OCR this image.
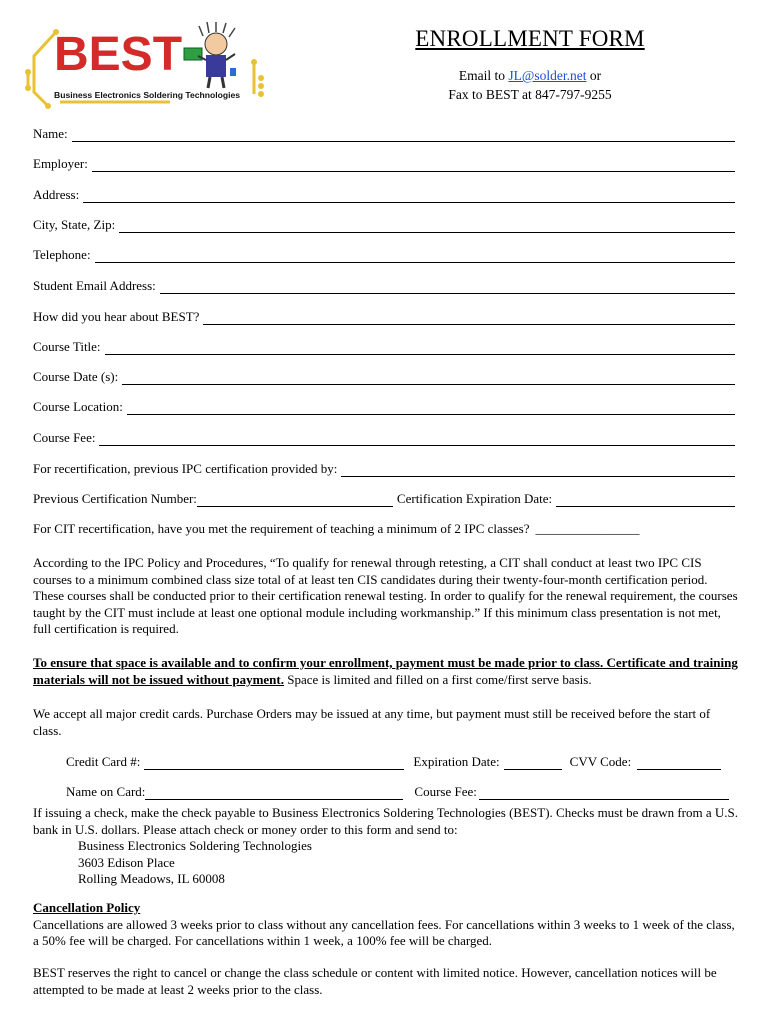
BEST
Business Electronics Soldering Technologies
ENROLLMENT FORM
Email to JL@solder.net or
Fax to BEST at 847-797-9255
Name:
Employer:
Address:
City, State, Zip:
Telephone:
Student Email Address:
How did you hear about BEST?
Course Title:
Course Date (s):
Course Location:
Course Fee:
For recertification, previous IPC certification provided by:
Previous Certification Number:	Certification Expiration Date:
For CIT recertification, have you met the requirement of teaching a minimum of 2 IPC classes? ________________
According to the IPC Policy and Procedures, “To qualify for renewal through retesting, a CIT shall conduct at least two IPC CIS courses to a minimum combined class size total of at least ten CIS candidates during their twenty-four-month certification period. These courses shall be conducted prior to their certification renewal testing. In order to qualify for the renewal requirement, the courses taught by the CIT must include at least one optional module including workmanship.” If this minimum class presentation is not met, full certification is required.
To ensure that space is available and to confirm your enrollment, payment must be made prior to class. Certificate and training materials will not be issued without payment. Space is limited and filled on a first come/first serve basis.
We accept all major credit cards. Purchase Orders may be issued at any time, but payment must still be received before the start of class.
Credit Card #:	Expiration Date:	CVV Code:
Name on Card:	Course Fee:
If issuing a check, make the check payable to Business Electronics Soldering Technologies (BEST). Checks must be drawn from a U.S. bank in U.S. dollars. Please attach check or money order to this form and send to:
Business Electronics Soldering Technologies
3603 Edison Place
Rolling Meadows, IL 60008
Cancellation Policy
Cancellations are allowed 3 weeks prior to class without any cancellation fees. For cancellations within 3 weeks to 1 week of the class, a 50% fee will be charged. For cancellations within 1 week, a 100% fee will be charged.
BEST reserves the right to cancel or change the class schedule or content with limited notice. However, cancellation notices will be attempted to be made at least 2 weeks prior to the class.
